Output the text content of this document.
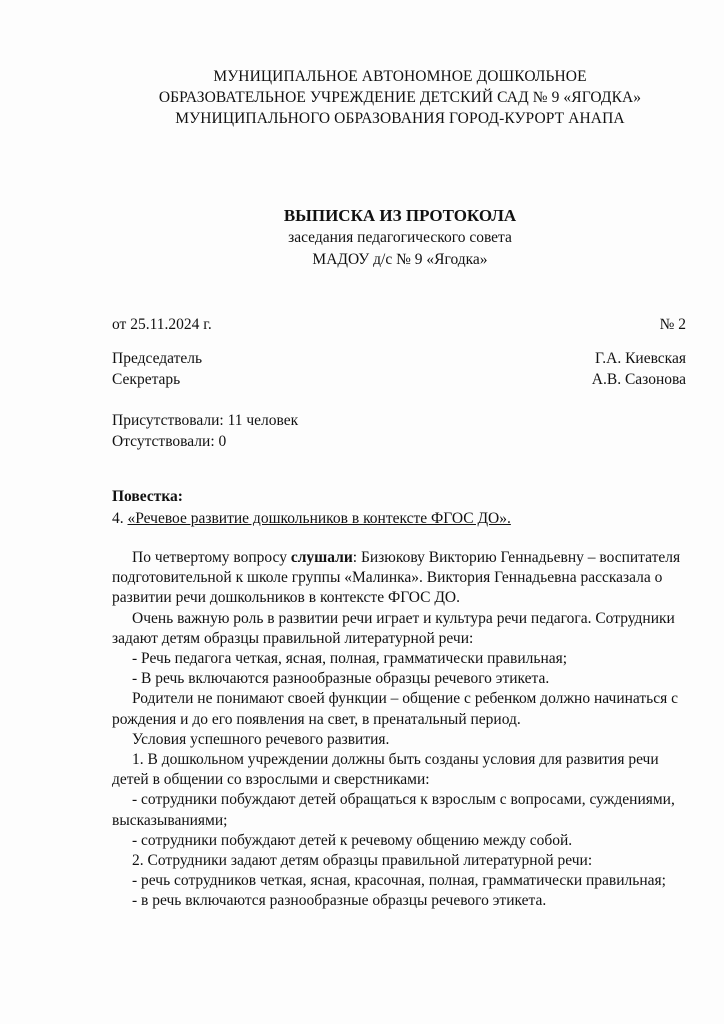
МУНИЦИПАЛЬНОЕ АВТОНОМНОЕ ДОШКОЛЬНОЕ
ОБРАЗОВАТЕЛЬНОЕ УЧРЕЖДЕНИЕ ДЕТСКИЙ САД № 9 «ЯГОДКА»
МУНИЦИПАЛЬНОГО ОБРАЗОВАНИЯ ГОРОД-КУРОРТ АНАПА
ВЫПИСКА ИЗ ПРОТОКОЛА
заседания педагогического совета
МАДОУ д/с № 9 «Ягодка»
от 25.11.2024 г.	№ 2
Председатель	Г.А. Киевская
Секретарь	А.В. Сазонова
Присутствовали: 11 человек
Отсутствовали: 0
Повестка:
4. «Речевое развитие дошкольников в контексте ФГОС ДО».

По четвертому вопросу слушали: Бизюкову Викторию Геннадьевну – воспитателя подготовительной к школе группы «Малинка». Виктория Геннадьевна рассказала о развитии речи дошкольников в контексте ФГОС ДО.

Очень важную роль в развитии речи играет и культура речи педагога. Сотрудники задают детям образцы правильной литературной речи:

- Речь педагога четкая, ясная, полная, грамматически правильная;

- В речь включаются разнообразные образцы речевого этикета.

Родители не понимают своей функции – общение с ребенком должно начинаться с рождения и до его появления на свет, в пренатальный период.

Условия успешного речевого развития.

1. В дошкольном учреждении должны быть созданы условия для развития речи детей в общении со взрослыми и сверстниками:

- сотрудники побуждают детей обращаться к взрослым с вопросами, суждениями, высказываниями;

- сотрудники побуждают детей к речевому общению между собой.

2. Сотрудники задают детям образцы правильной литературной речи:

- речь сотрудников четкая, ясная, красочная, полная, грамматически правильная;

- в речь включаются разнообразные образцы речевого этикета.
